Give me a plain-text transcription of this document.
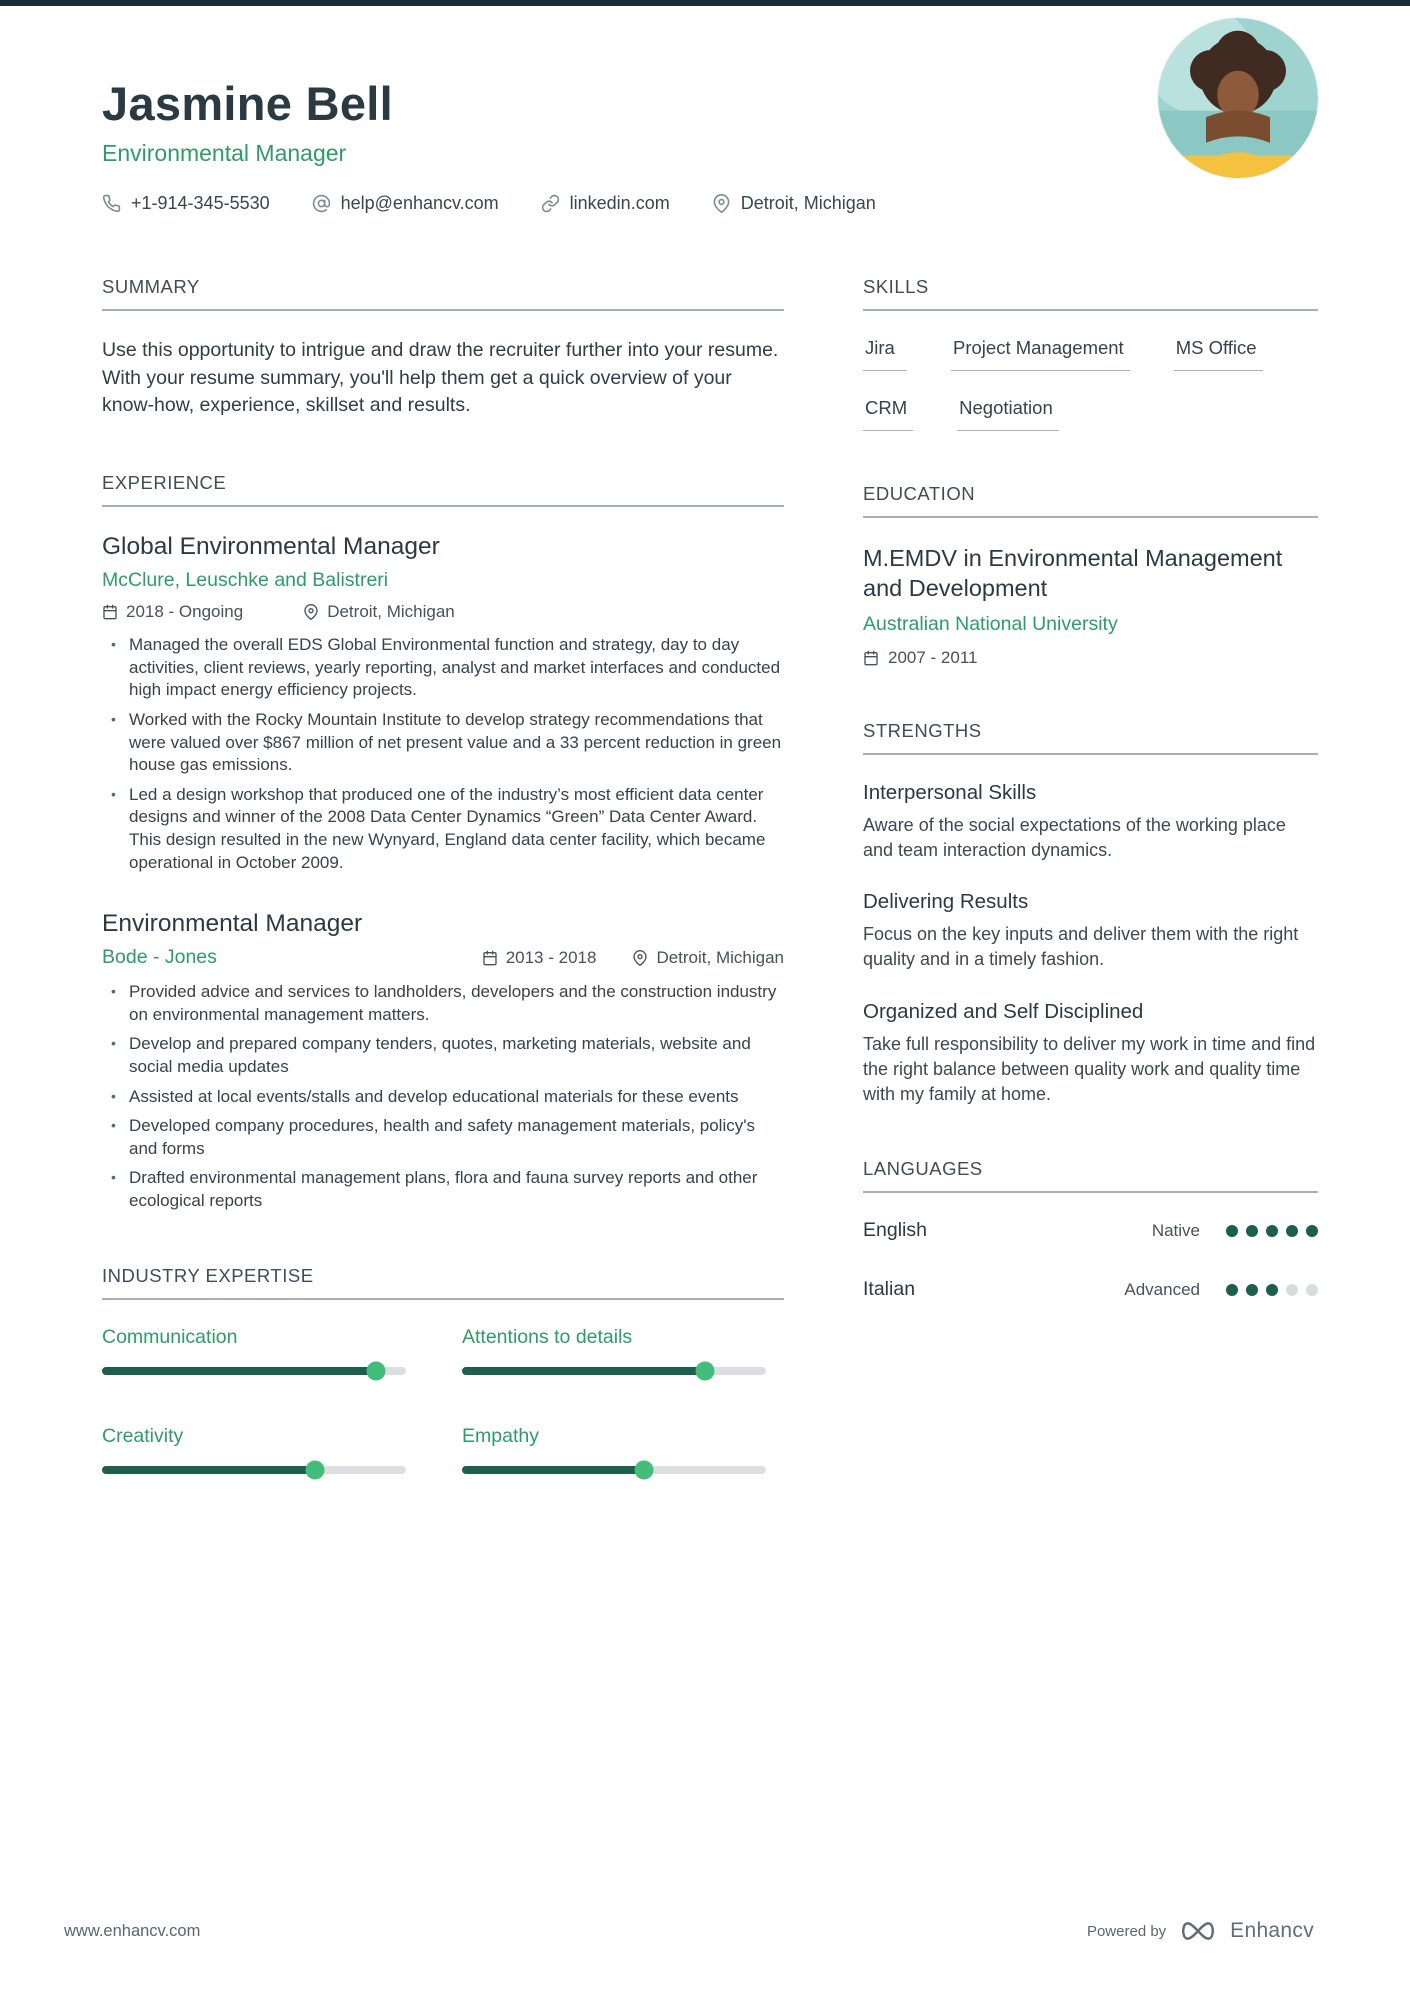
Jasmine Bell
Environmental Manager
+1-914-345-5530	help@enhancv.com	linkedin.com	Detroit, Michigan
SUMMARY

Use this opportunity to intrigue and draw the recruiter further into your resume. With your resume summary, you'll help them get a quick overview of your know-how, experience, skillset and results.

EXPERIENCE
Global Environmental Manager
McClure, Leuschke and Balistreri
2018 - Ongoing	Detroit, Michigan
• Managed the overall EDS Global Environmental function and strategy, day to day activities, client reviews, yearly reporting, analyst and market interfaces and conducted high impact energy efficiency projects.
• Worked with the Rocky Mountain Institute to develop strategy recommendations that were valued over $867 million of net present value and a 33 percent reduction in green house gas emissions.
• Led a design workshop that produced one of the industry’s most efficient data center designs and winner of the 2008 Data Center Dynamics “Green” Data Center Award. This design resulted in the new Wynyard, England data center facility, which became operational in October 2009.
Environmental Manager
Bode - Jones	2013 - 2018	Detroit, Michigan
• Provided advice and services to landholders, developers and the construction industry on environmental management matters.
• Develop and prepared company tenders, quotes, marketing materials, website and social media updates
• Assisted at local events/stalls and develop educational materials for these events
• Developed company procedures, health and safety management materials, policy's and forms
• Drafted environmental management plans, flora and fauna survey reports and other ecological reports
INDUSTRY EXPERTISE
Communication	Attentions to details
Creativity	Empathy
SKILLS
Jira	Project Management	MS Office
CRM	Negotiation
EDUCATION
M.EMDV in Environmental Management and Development
Australian National University
2007 - 2011
STRENGTHS
Interpersonal Skills
Aware of the social expectations of the working place and team interaction dynamics.
Delivering Results
Focus on the key inputs and deliver them with the right quality and in a timely fashion.
Organized and Self Disciplined
Take full responsibility to deliver my work in time and find the right balance between quality work and quality time with my family at home.
LANGUAGES
English	Native
Italian	Advanced
www.enhancv.com	Powered by	Enhancv
